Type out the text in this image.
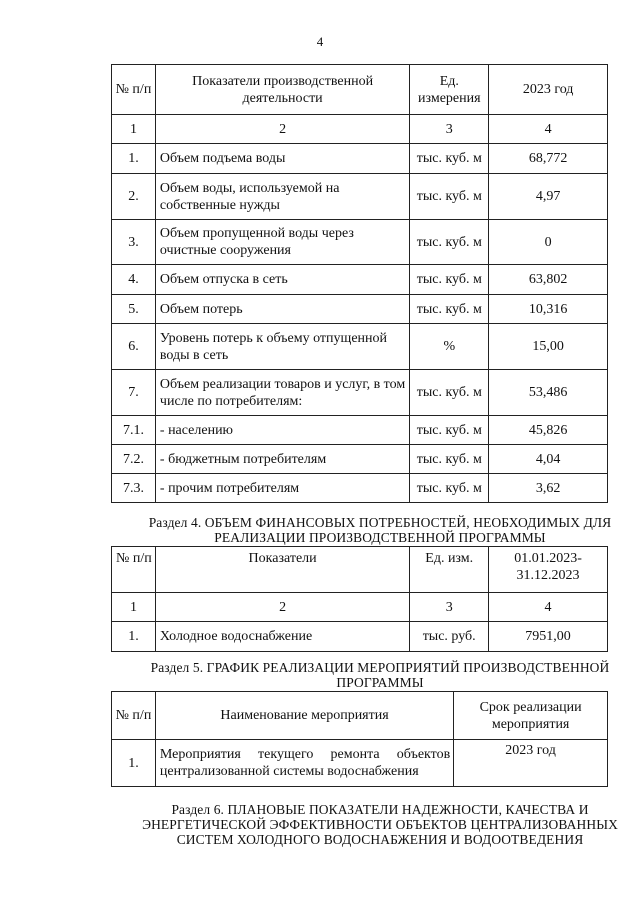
4
№ п/п	Показатели производственной деятельности	Ед. измерения	2023 год
1	2	3	4
1.	Объем подъема воды	тыс. куб. м	68,772
2.	Объем воды, используемой на собственные нужды	тыс. куб. м	4,97
3.	Объем пропущенной воды через очистные сооружения	тыс. куб. м	0
4.	Объем отпуска в сеть	тыс. куб. м	63,802
5.	Объем потерь	тыс. куб. м	10,316
6.	Уровень потерь к объему отпущенной воды в сеть	%	15,00
7.	Объем реализации товаров и услуг, в том числе по потребителям:	тыс. куб. м	53,486
7.1.	- населению	тыс. куб. м	45,826
7.2.	- бюджетным потребителям	тыс. куб. м	4,04
7.3.	- прочим потребителям	тыс. куб. м	3,62
Раздел 4. ОБЪЕМ ФИНАНСОВЫХ ПОТРЕБНОСТЕЙ, НЕОБХОДИМЫХ ДЛЯ
РЕАЛИЗАЦИИ ПРОИЗВОДСТВЕННОЙ ПРОГРАММЫ
№ п/п	Показатели	Ед. изм.	01.01.2023-31.12.2023
1	2	3	4
1.	Холодное водоснабжение	тыс. руб.	7951,00
Раздел 5. ГРАФИК РЕАЛИЗАЦИИ МЕРОПРИЯТИЙ ПРОИЗВОДСТВЕННОЙ
ПРОГРАММЫ
№ п/п	Наименование мероприятия	Срок реализации мероприятия
1.	Мероприятия текущего ремонта объектов централизованной системы водоснабжения	2023 год
Раздел 6. ПЛАНОВЫЕ ПОКАЗАТЕЛИ НАДЕЖНОСТИ, КАЧЕСТВА И
ЭНЕРГЕТИЧЕСКОЙ ЭФФЕКТИВНОСТИ ОБЪЕКТОВ ЦЕНТРАЛИЗОВАННЫХ
СИСТЕМ ХОЛОДНОГО ВОДОСНАБЖЕНИЯ И ВОДООТВЕДЕНИЯ
